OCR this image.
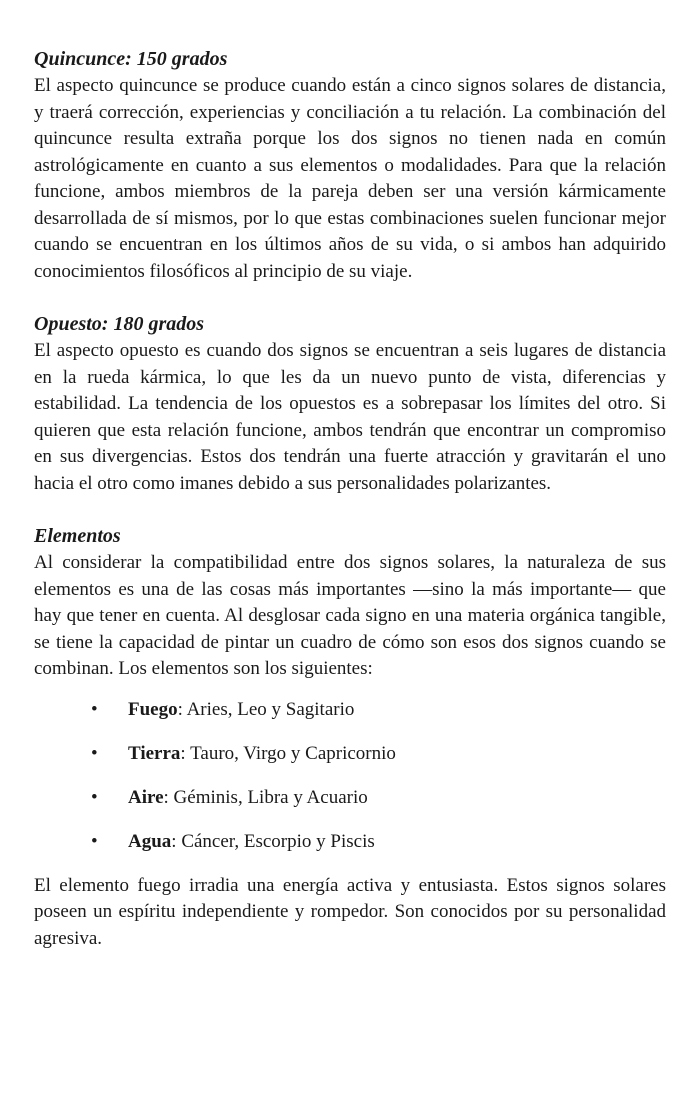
Quincunce: 150 grados

El aspecto quincunce se produce cuando están a cinco signos solares de distancia, y traerá corrección, experiencias y conciliación a tu relación. La combinación del quincunce resulta extraña porque los dos signos no tienen nada en común astrológicamente en cuanto a sus elementos o modalidades. Para que la relación funcione, ambos miembros de la pareja deben ser una versión kármicamente desarrollada de sí mismos, por lo que estas combinaciones suelen funcionar mejor cuando se encuentran en los últimos años de su vida, o si ambos han adquirido conocimientos filosóficos al principio de su viaje.

Opuesto: 180 grados

El aspecto opuesto es cuando dos signos se encuentran a seis lugares de distancia en la rueda kármica, lo que les da un nuevo punto de vista, diferencias y estabilidad. La tendencia de los opuestos es a sobrepasar los límites del otro. Si quieren que esta relación funcione, ambos tendrán que encontrar un compromiso en sus divergencias. Estos dos tendrán una fuerte atracción y gravitarán el uno hacia el otro como imanes debido a sus personalidades polarizantes.

Elementos

Al considerar la compatibilidad entre dos signos solares, la naturaleza de sus elementos es una de las cosas más importantes —sino la más importante— que hay que tener en cuenta. Al desglosar cada signo en una materia orgánica tangible, se tiene la capacidad de pintar un cuadro de cómo son esos dos signos cuando se combinan. Los elementos son los siguientes:

• Fuego: Aries, Leo y Sagitario
• Tierra: Tauro, Virgo y Capricornio
• Aire: Géminis, Libra y Acuario
• Agua: Cáncer, Escorpio y Piscis

El elemento fuego irradia una energía activa y entusiasta. Estos signos solares poseen un espíritu independiente y rompedor. Son conocidos por su personalidad agresiva.
